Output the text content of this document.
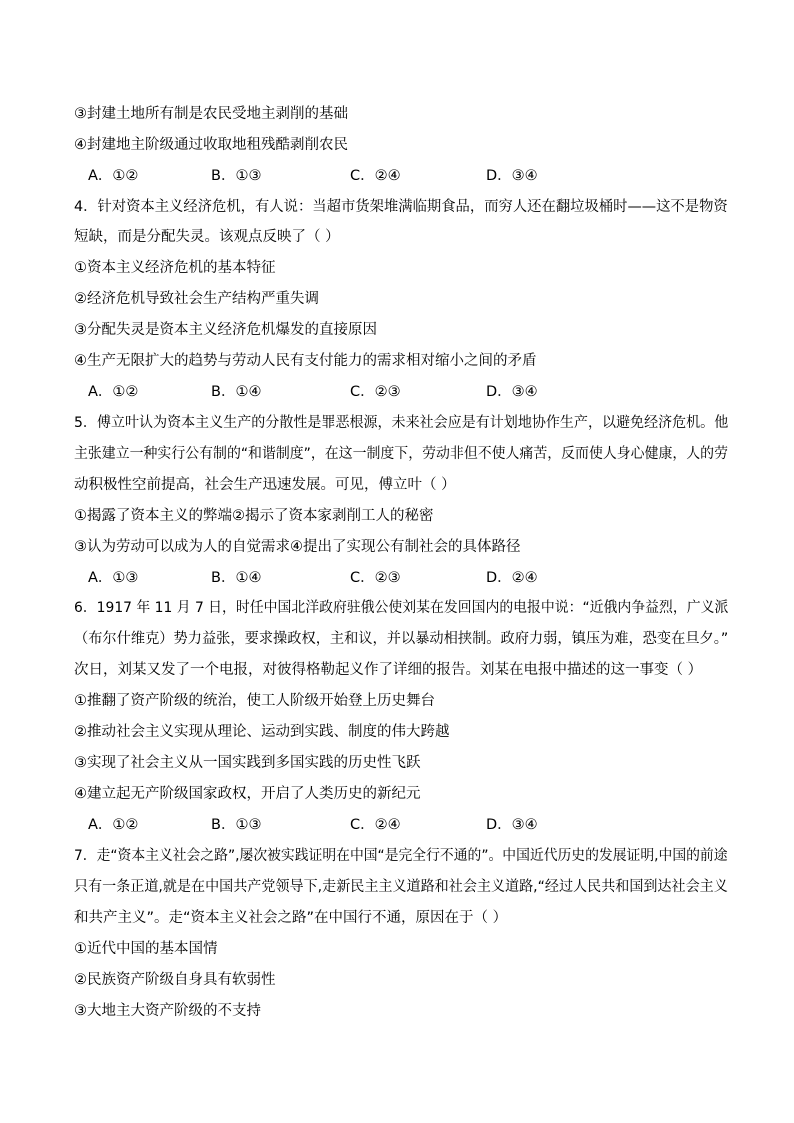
③封建土地所有制是农民受地主剥削的基础
④封建地主阶级通过收取地租残酷剥削农民
A．①②	B．①③	C．②④	D．③④
4．针对资本主义经济危机，有人说：当超市货架堆满临期食品，而穷人还在翻垃圾桶时——这不是物资
短缺，而是分配失灵。该观点反映了（ ）
①资本主义经济危机的基本特征
②经济危机导致社会生产结构严重失调
③分配失灵是资本主义经济危机爆发的直接原因
④生产无限扩大的趋势与劳动人民有支付能力的需求相对缩小之间的矛盾
A．①②	B．①④	C．②③	D．③④
5．傅立叶认为资本主义生产的分散性是罪恶根源，未来社会应是有计划地协作生产，以避免经济危机。他
主张建立一种实行公有制的“和谐制度”，在这一制度下，劳动非但不使人痛苦，反而使人身心健康，人的劳
动积极性空前提高，社会生产迅速发展。可见，傅立叶（ ）
①揭露了资本主义的弊端②揭示了资本家剥削工人的秘密
③认为劳动可以成为人的自觉需求④提出了实现公有制社会的具体路径
A．①③	B．①④	C．②③	D．②④
6．1917 年 11 月 7 日，时任中国北洋政府驻俄公使刘某在发回国内的电报中说：“近俄内争益烈，广义派
（布尔什维克）势力益张，要求操政权，主和议，并以暴动相挟制。政府力弱，镇压为难，恐变在旦夕。”
次日，刘某又发了一个电报，对彼得格勒起义作了详细的报告。刘某在电报中描述的这一事变（ ）
①推翻了资产阶级的统治，使工人阶级开始登上历史舞台
②推动社会主义实现从理论、运动到实践、制度的伟大跨越
③实现了社会主义从一国实践到多国实践的历史性飞跃
④建立起无产阶级国家政权，开启了人类历史的新纪元
A．①②	B．①③	C．②④	D．③④
7．走“资本主义社会之路”,屡次被实践证明在中国“是完全行不通的”。中国近代历史的发展证明,中国的前途
只有一条正道,就是在中国共产党领导下,走新民主主义道路和社会主义道路,“经过人民共和国到达社会主义
和共产主义”。走“资本主义社会之路”在中国行不通，原因在于（ ）
①近代中国的基本国情
②民族资产阶级自身具有软弱性
③大地主大资产阶级的不支持
